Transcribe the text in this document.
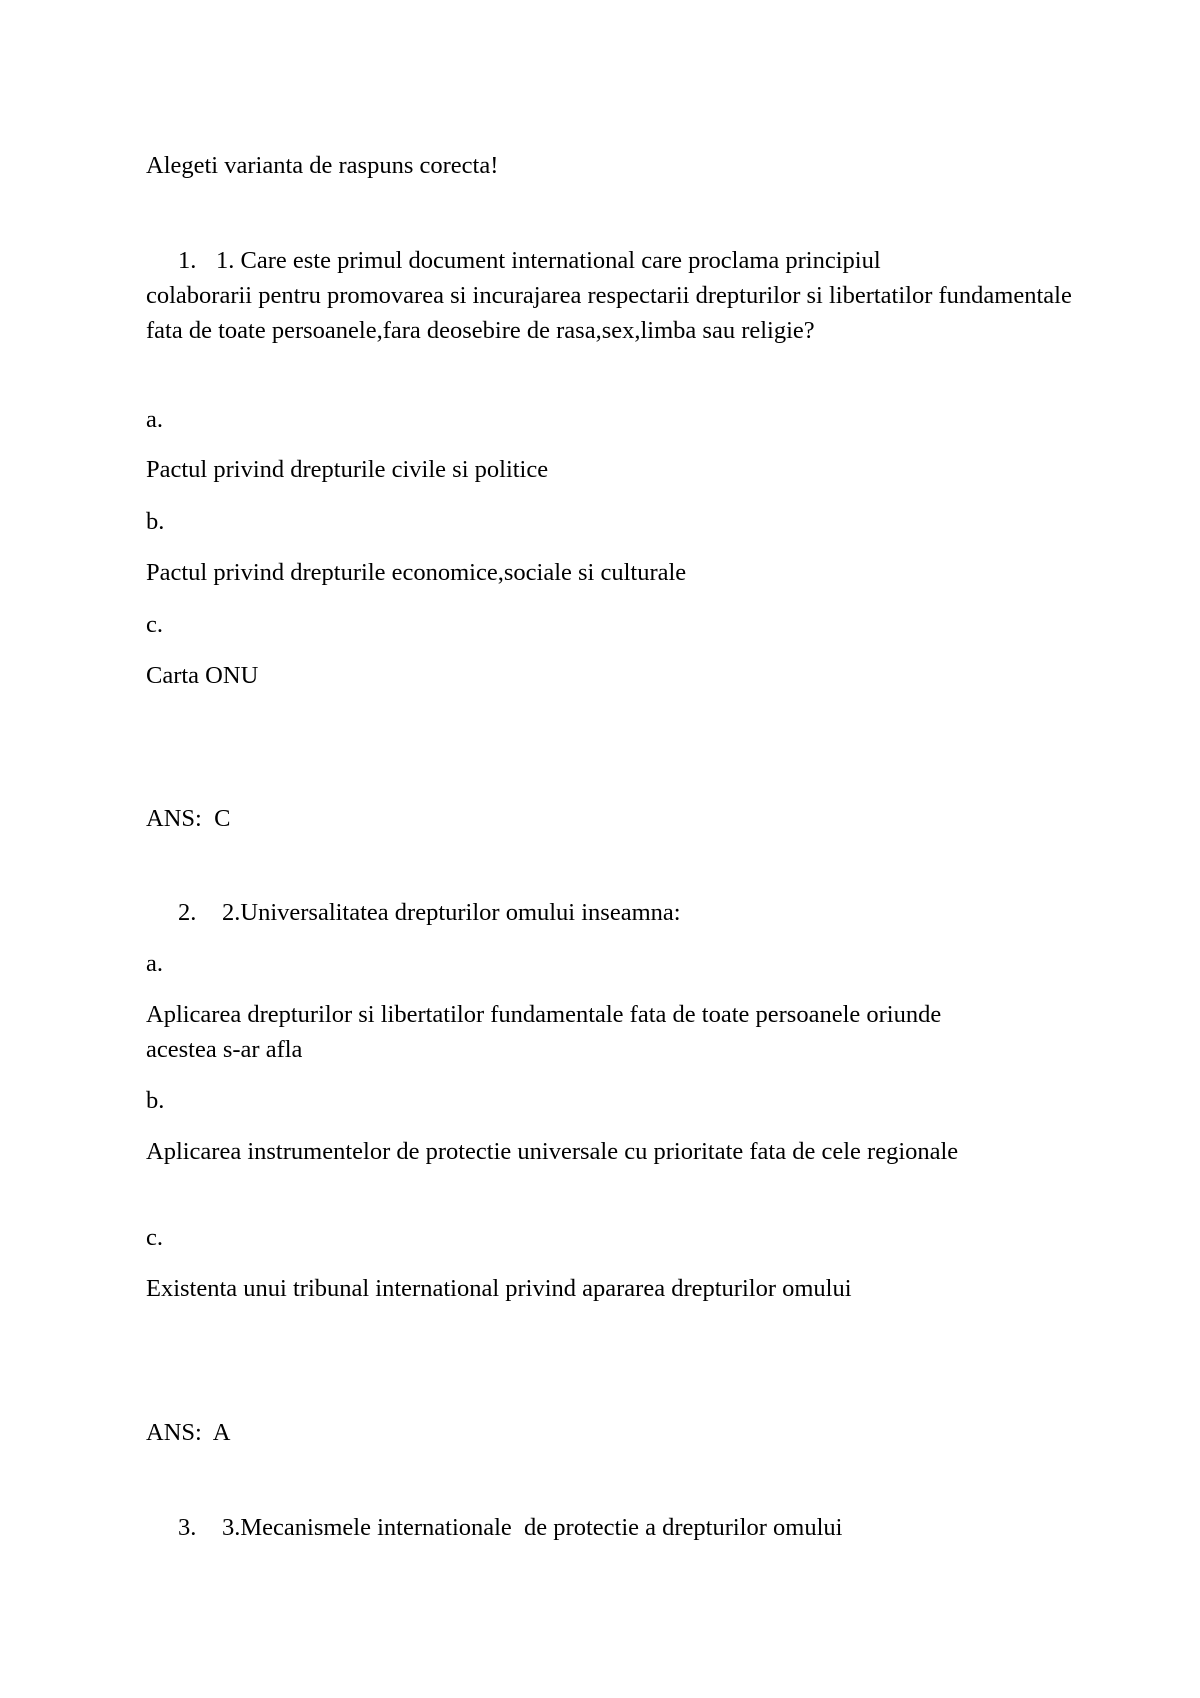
Alegeti varianta de raspuns corecta!

1. 1. Care este primul document international care proclama principiul

colaborarii pentru promovarea si incurajarea respectarii drepturilor si libertatilor fundamentale fata de toate persoanele,fara deosebire de rasa,sex,limba sau religie?

a.

Pactul privind drepturile civile si politice

b.

Pactul privind drepturile economice,sociale si culturale

c.

Carta ONU

ANS:  C

2. 2.Universalitatea drepturilor omului inseamna:

a.

Aplicarea drepturilor si libertatilor fundamentale fata de toate persoanele oriunde acestea s-ar afla

b.

Aplicarea instrumentelor de protectie universale cu prioritate fata de cele regionale

c.

Existenta unui tribunal international privind apararea drepturilor omului

ANS:  A

3. 3.Mecanismele internationale  de protectie a drepturilor omului
